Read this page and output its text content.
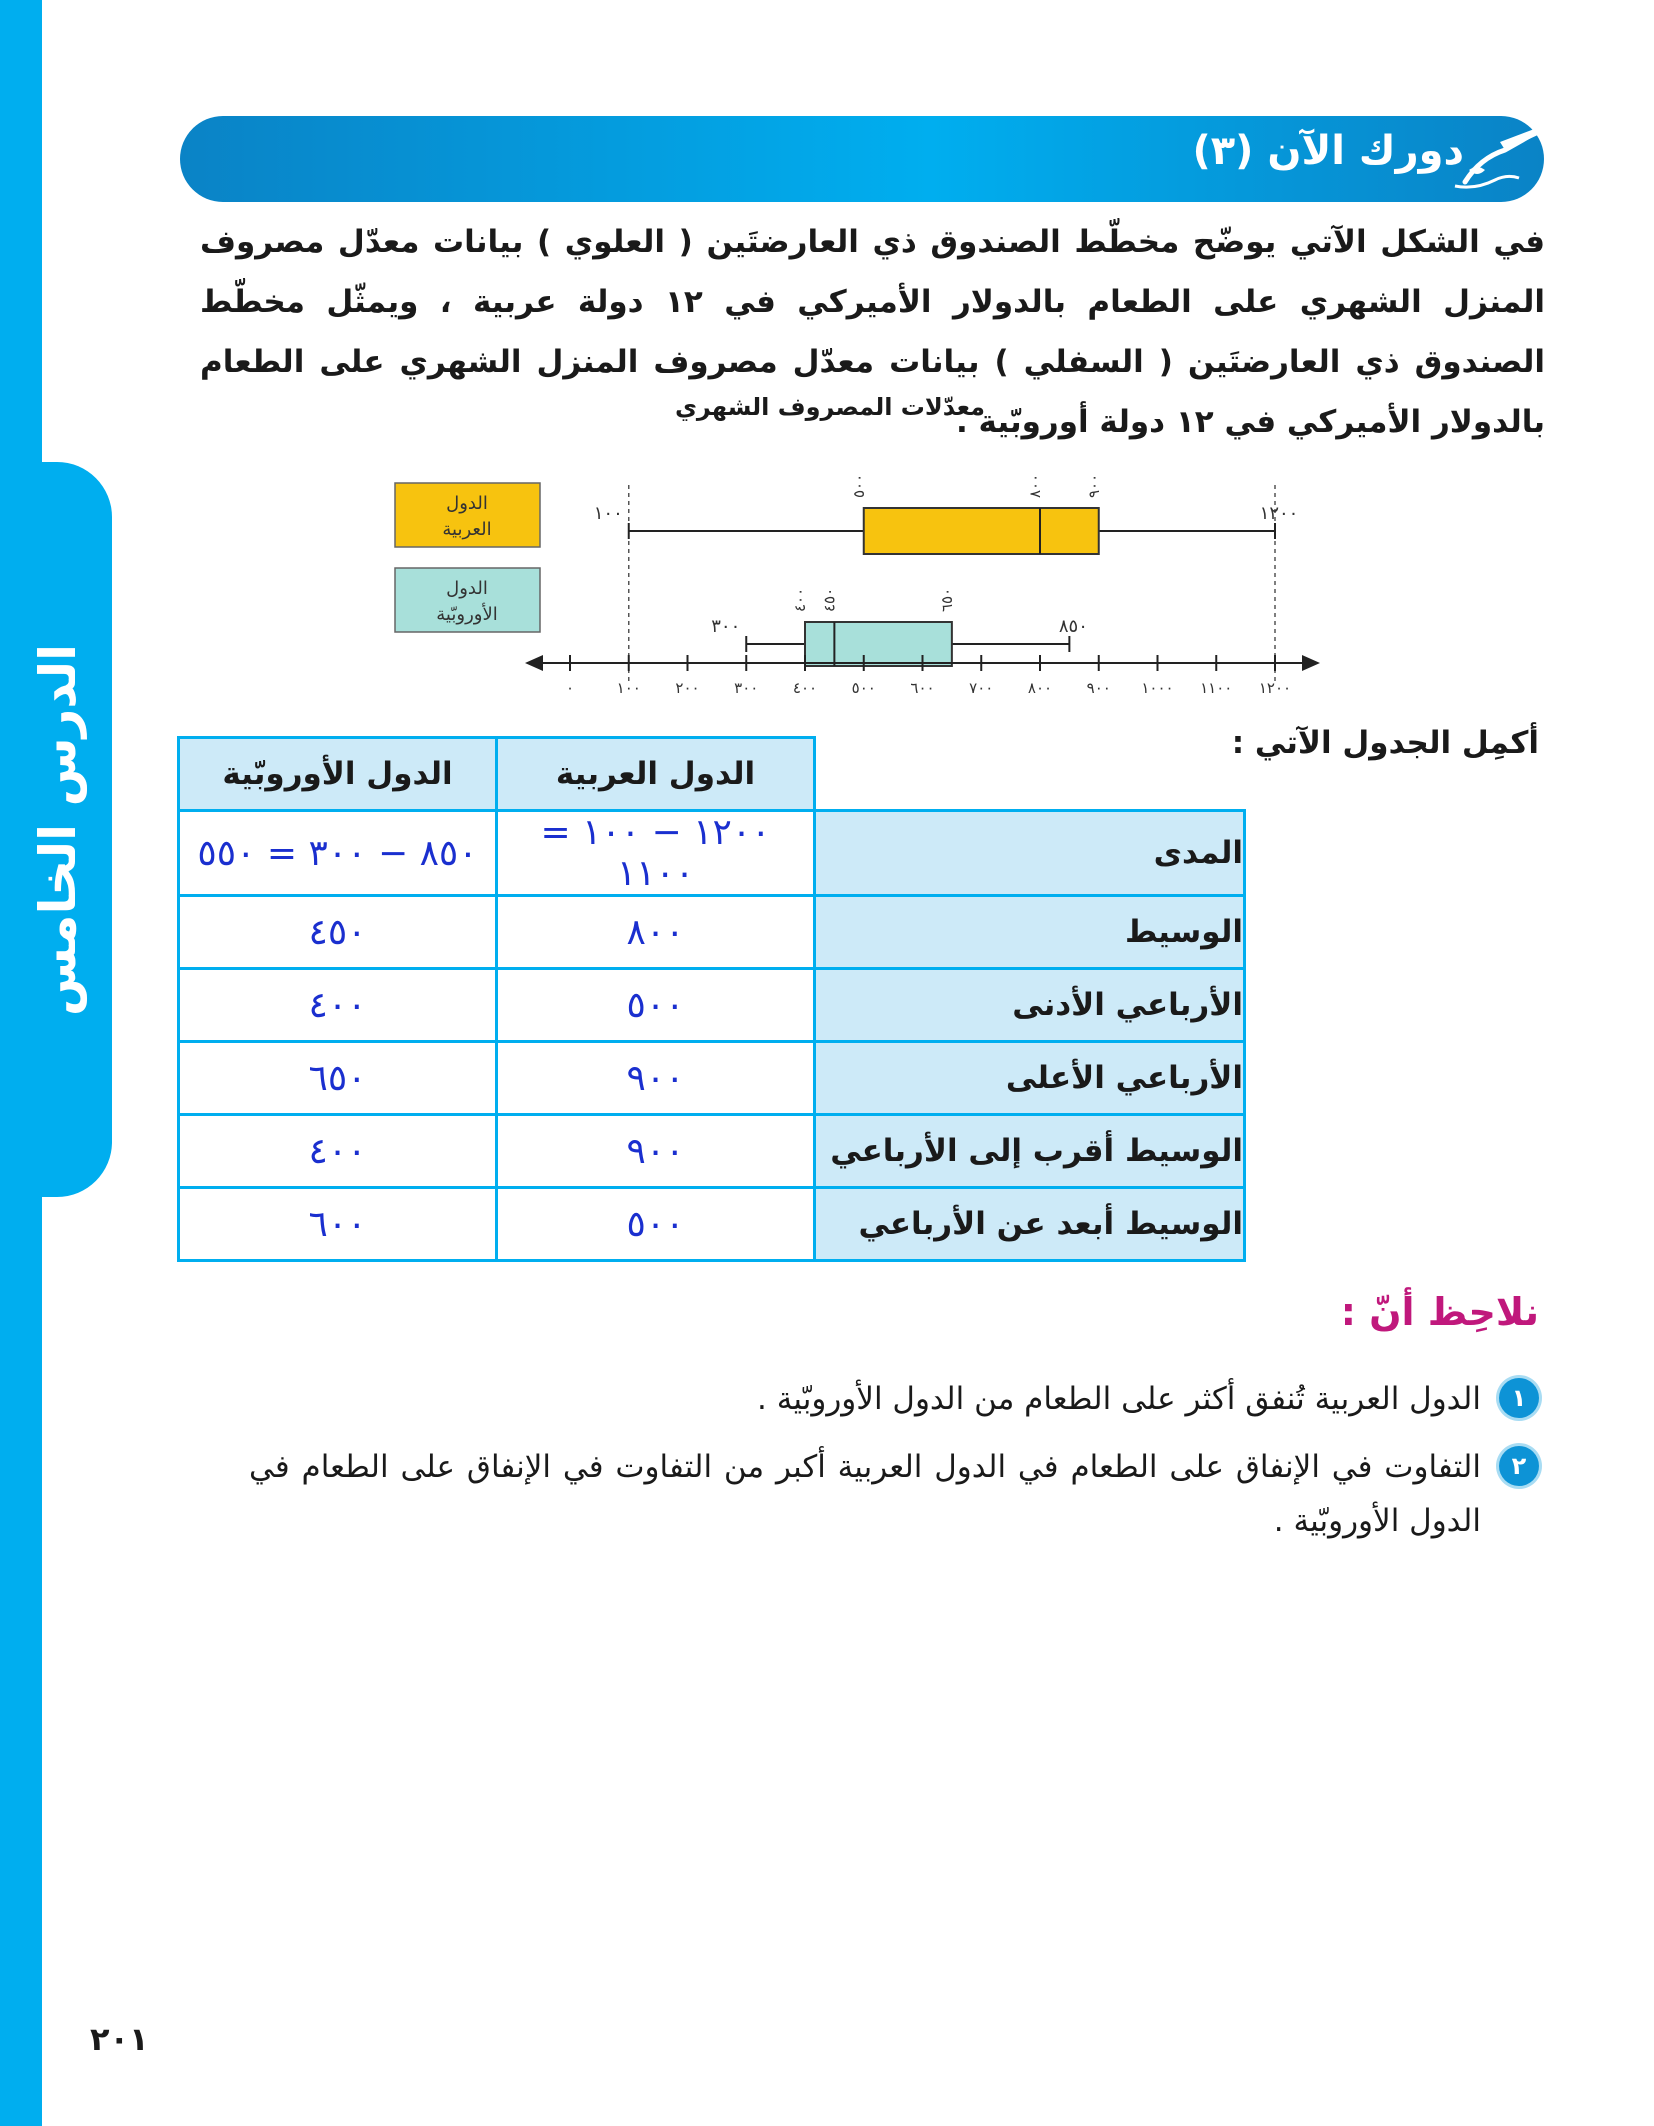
الدرس الخامس
دورك الآن (٣)
في الشكل الآتي يوضّح مخطّط الصندوق ذي العارضتَين ( العلوي ) بيانات معدّل مصروف المنزل الشهري على الطعام بالدولار الأميركي في ١٢ دولة عربية ، ويمثّل مخطّط الصندوق ذي العارضتَين ( السفلي ) بيانات معدّل مصروف المنزل الشهري على الطعام بالدولار الأميركي في ١٢ دولة أوروبّية .
معدّلات المصروف الشهري
الدول
العربية
١٠٠	١٢٠٠
٥٠٠	٨٠٠	٩٠٠
الدول
الأوروبّية
٣٠٠	٨٥٠
٤٠٠ ٤٥٠	٦٥٠
٠	١٠٠ ٢٠٠ ٣٠٠ ٤٠٠ ٥٠٠ ٦٠٠ ٧٠٠ ٨٠٠ ٩٠٠ ١٠٠٠ ١١٠٠ ١٢٠٠
أكمِل الجدول الآتي :
	الدول العربية	الدول الأوروبّية
المدى	١٢٠٠ − ١٠٠ = ١١٠٠	٨٥٠ − ٣٠٠ = ٥٥٠
الوسيط	٨٠٠	٤٥٠
الأرباعي الأدنى	٥٠٠	٤٠٠
الأرباعي الأعلى	٩٠٠	٦٥٠
الوسيط أقرب إلى الأرباعي	٩٠٠	٤٠٠
الوسيط أبعد عن الأرباعي	٥٠٠	٦٠٠
نلاحِظ أنّ :
١
الدول العربية تُنفق أكثر على الطعام من الدول الأوروبّية .
٢
التفاوت في الإنفاق على الطعام في الدول العربية أكبر من التفاوت في الإنفاق على الطعام في الدول الأوروبّية .
٢٠١
